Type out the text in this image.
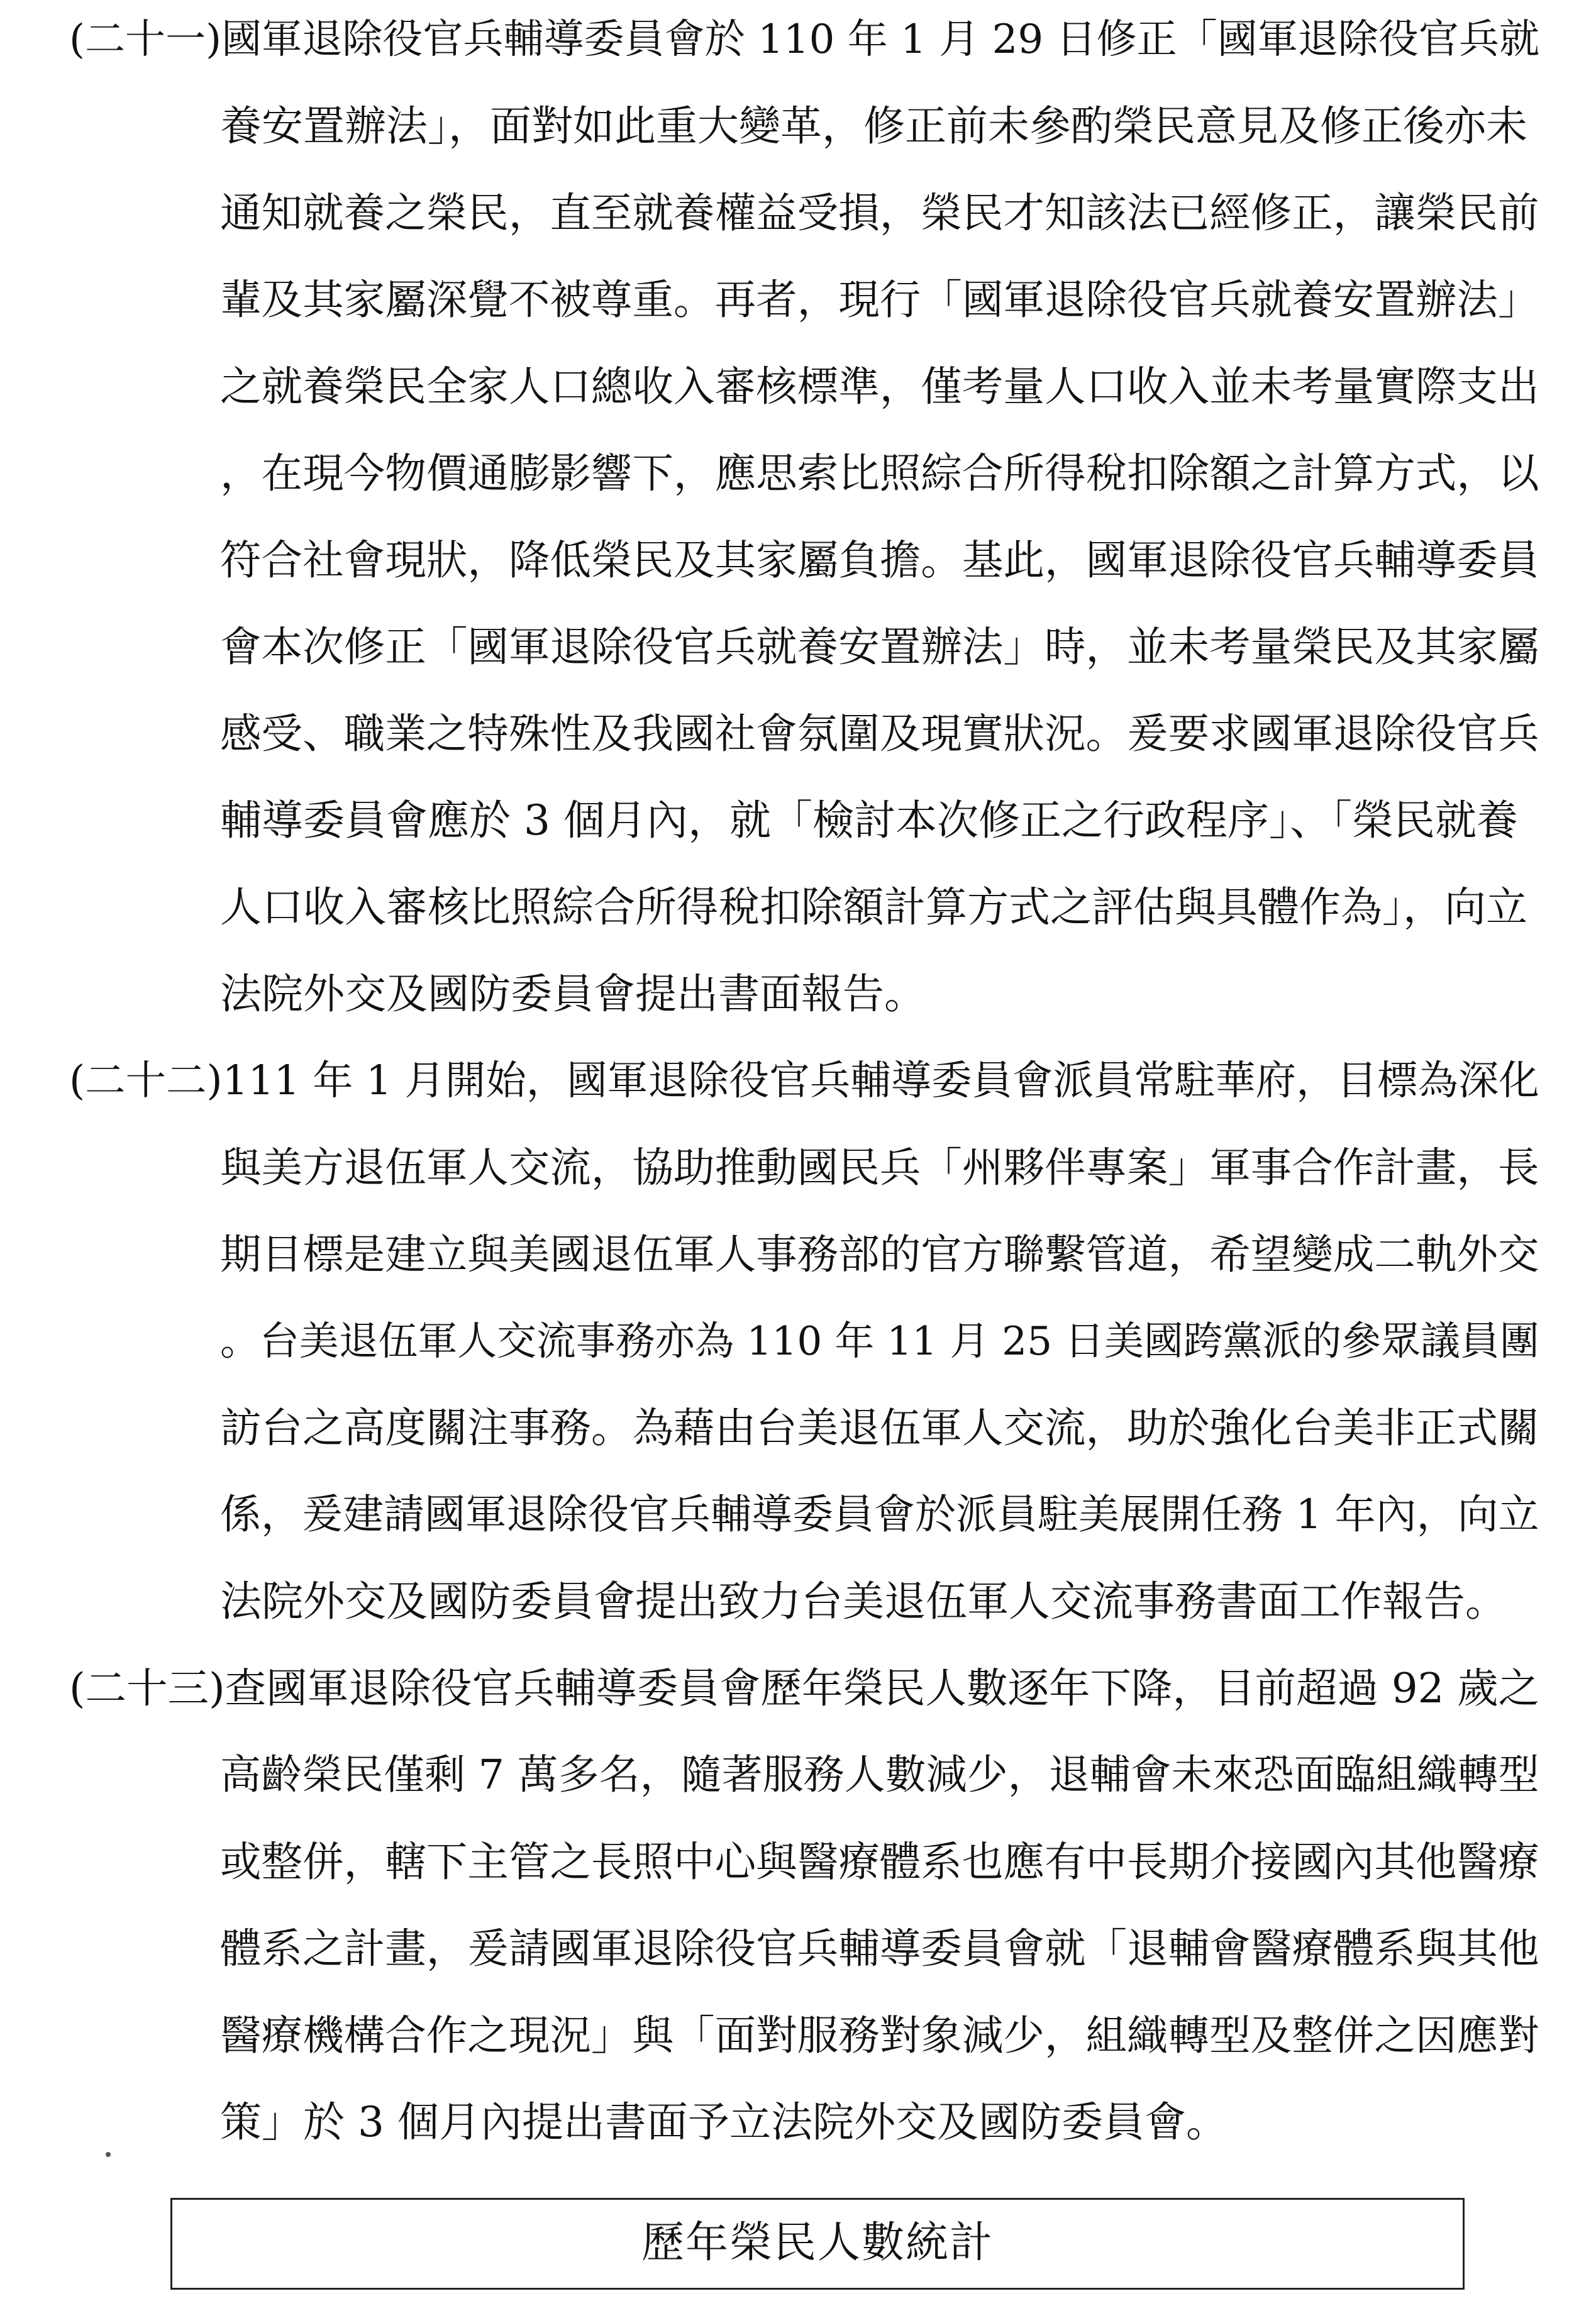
(二十一)國軍退除役官兵輔導委員會於 110 年 1 月 29 日修正「國軍退除役官兵就
養安置辦法」，面對如此重大變革，修正前未參酌榮民意見及修正後亦未
通知就養之榮民，直至就養權益受損，榮民才知該法已經修正，讓榮民前
輩及其家屬深覺不被尊重。再者，現行「國軍退除役官兵就養安置辦法」
之就養榮民全家人口總收入審核標準，僅考量人口收入並未考量實際支出
，在現今物價通膨影響下，應思索比照綜合所得稅扣除額之計算方式，以
符合社會現狀，降低榮民及其家屬負擔。基此，國軍退除役官兵輔導委員
會本次修正「國軍退除役官兵就養安置辦法」時，並未考量榮民及其家屬
感受、職業之特殊性及我國社會氛圍及現實狀況。爰要求國軍退除役官兵
輔導委員會應於 3 個月內，就「檢討本次修正之行政程序」、「榮民就養
人口收入審核比照綜合所得稅扣除額計算方式之評估與具體作為」，向立
法院外交及國防委員會提出書面報告。
(二十二)111 年 1 月開始，國軍退除役官兵輔導委員會派員常駐華府，目標為深化
與美方退伍軍人交流，協助推動國民兵「州夥伴專案」軍事合作計畫，長
期目標是建立與美國退伍軍人事務部的官方聯繫管道，希望變成二軌外交
。台美退伍軍人交流事務亦為 110 年 11 月 25 日美國跨黨派的參眾議員團
訪台之高度關注事務。為藉由台美退伍軍人交流，助於強化台美非正式關
係，爰建請國軍退除役官兵輔導委員會於派員駐美展開任務 1 年內，向立
法院外交及國防委員會提出致力台美退伍軍人交流事務書面工作報告。
(二十三)查國軍退除役官兵輔導委員會歷年榮民人數逐年下降，目前超過 92 歲之
高齡榮民僅剩 7 萬多名，隨著服務人數減少，退輔會未來恐面臨組織轉型
或整併，轄下主管之長照中心與醫療體系也應有中長期介接國內其他醫療
體系之計畫，爰請國軍退除役官兵輔導委員會就「退輔會醫療體系與其他
醫療機構合作之現況」與「面對服務對象減少，組織轉型及整併之因應對
策」於 3 個月內提出書面予立法院外交及國防委員會。
歷年榮民人數統計
